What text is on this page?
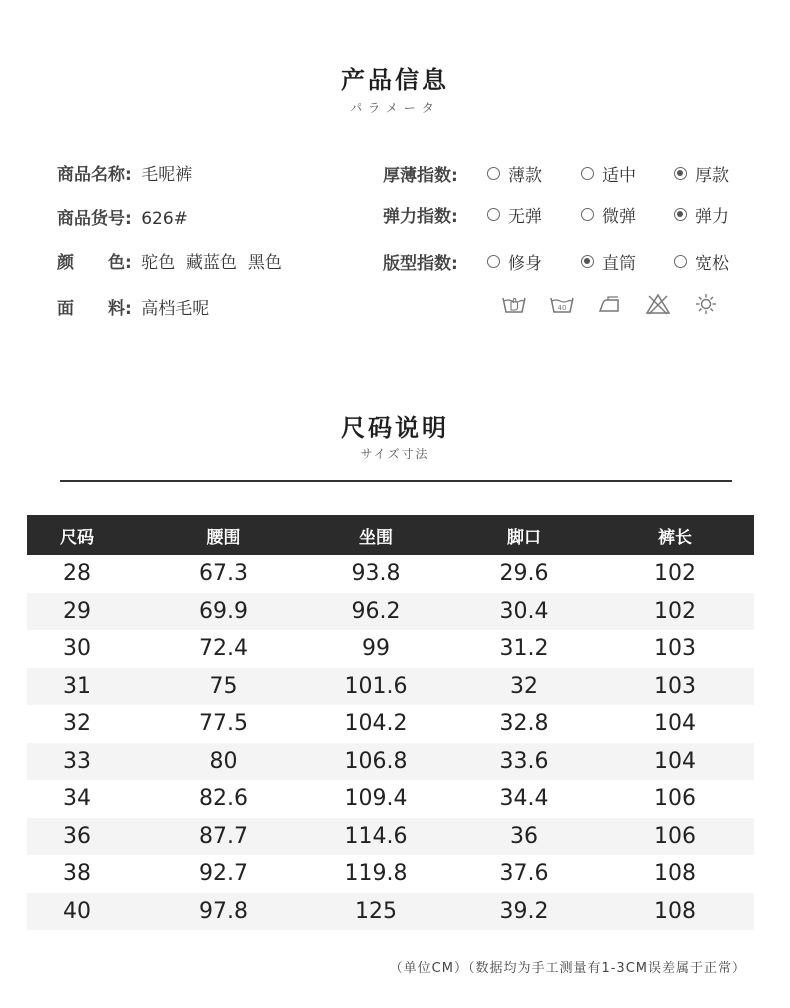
产品信息
パラメータ
商品名称: 毛呢裤
商品货号: 626#
颜　　色: 驼色  藏蓝色  黑色
面　　料: 高档毛呢
厚薄指数:	薄款	适中	厚款
弹力指数:	无弹	微弹	弹力
版型指数:	修身	直筒	宽松
40
尺码说明
サイズ寸法
尺码	腰围	坐围	脚口	裤长
28	67.3	93.8	29.6	102
29	69.9	96.2	30.4	102
30	72.4	99	31.2	103
31	75	101.6	32	103
32	77.5	104.2	32.8	104
33	80	106.8	33.6	104
34	82.6	109.4	34.4	106
36	87.7	114.6	36	106
38	92.7	119.8	37.6	108
40	97.8	125	39.2	108
（单位CM）（数据均为手工测量有1-3CM误差属于正常）
